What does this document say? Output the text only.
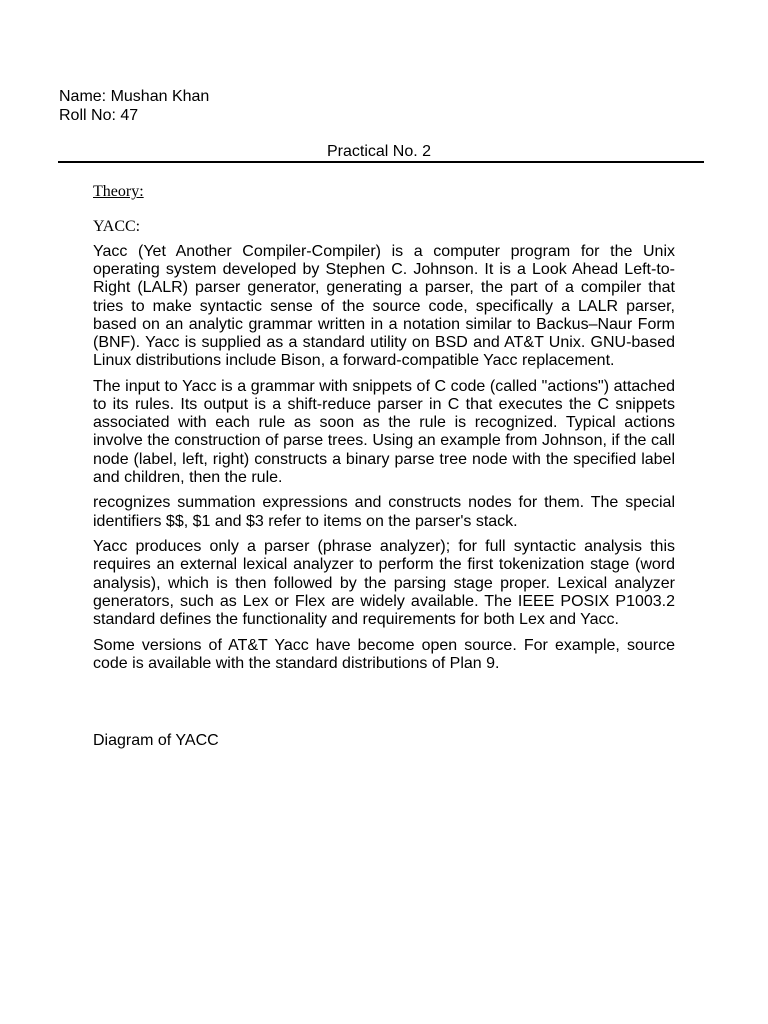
Name: Mushan Khan
Roll No: 47
Practical No. 2
Theory:
YACC:

Yacc (Yet Another Compiler-Compiler) is a computer program for the Unix operating system developed by Stephen C. Johnson. It is a Look Ahead Left-to-Right (LALR) parser generator, generating a parser, the part of a compiler that tries to make syntactic sense of the source code, specifically a LALR parser, based on an analytic grammar written in a notation similar to Backus–Naur Form (BNF). Yacc is supplied as a standard utility on BSD and AT&T Unix. GNU-based Linux distributions include Bison, a forward-compatible Yacc replacement.

The input to Yacc is a grammar with snippets of C code (called "actions") attached to its rules. Its output is a shift-reduce parser in C that executes the C snippets associated with each rule as soon as the rule is recognized. Typical actions involve the construction of parse trees. Using an example from Johnson, if the call node (label, left, right) constructs a binary parse tree node with the specified label and children, then the rule.

recognizes summation expressions and constructs nodes for them. The special identifiers $$, $1 and $3 refer to items on the parser's stack.

Yacc produces only a parser (phrase analyzer); for full syntactic analysis this requires an external lexical analyzer to perform the first tokenization stage (word analysis), which is then followed by the parsing stage proper. Lexical analyzer generators, such as Lex or Flex are widely available. The IEEE POSIX P1003.2 standard defines the functionality and requirements for both Lex and Yacc.

Some versions of AT&T Yacc have become open source. For example, source code is available with the standard distributions of Plan 9.

Diagram of YACC
